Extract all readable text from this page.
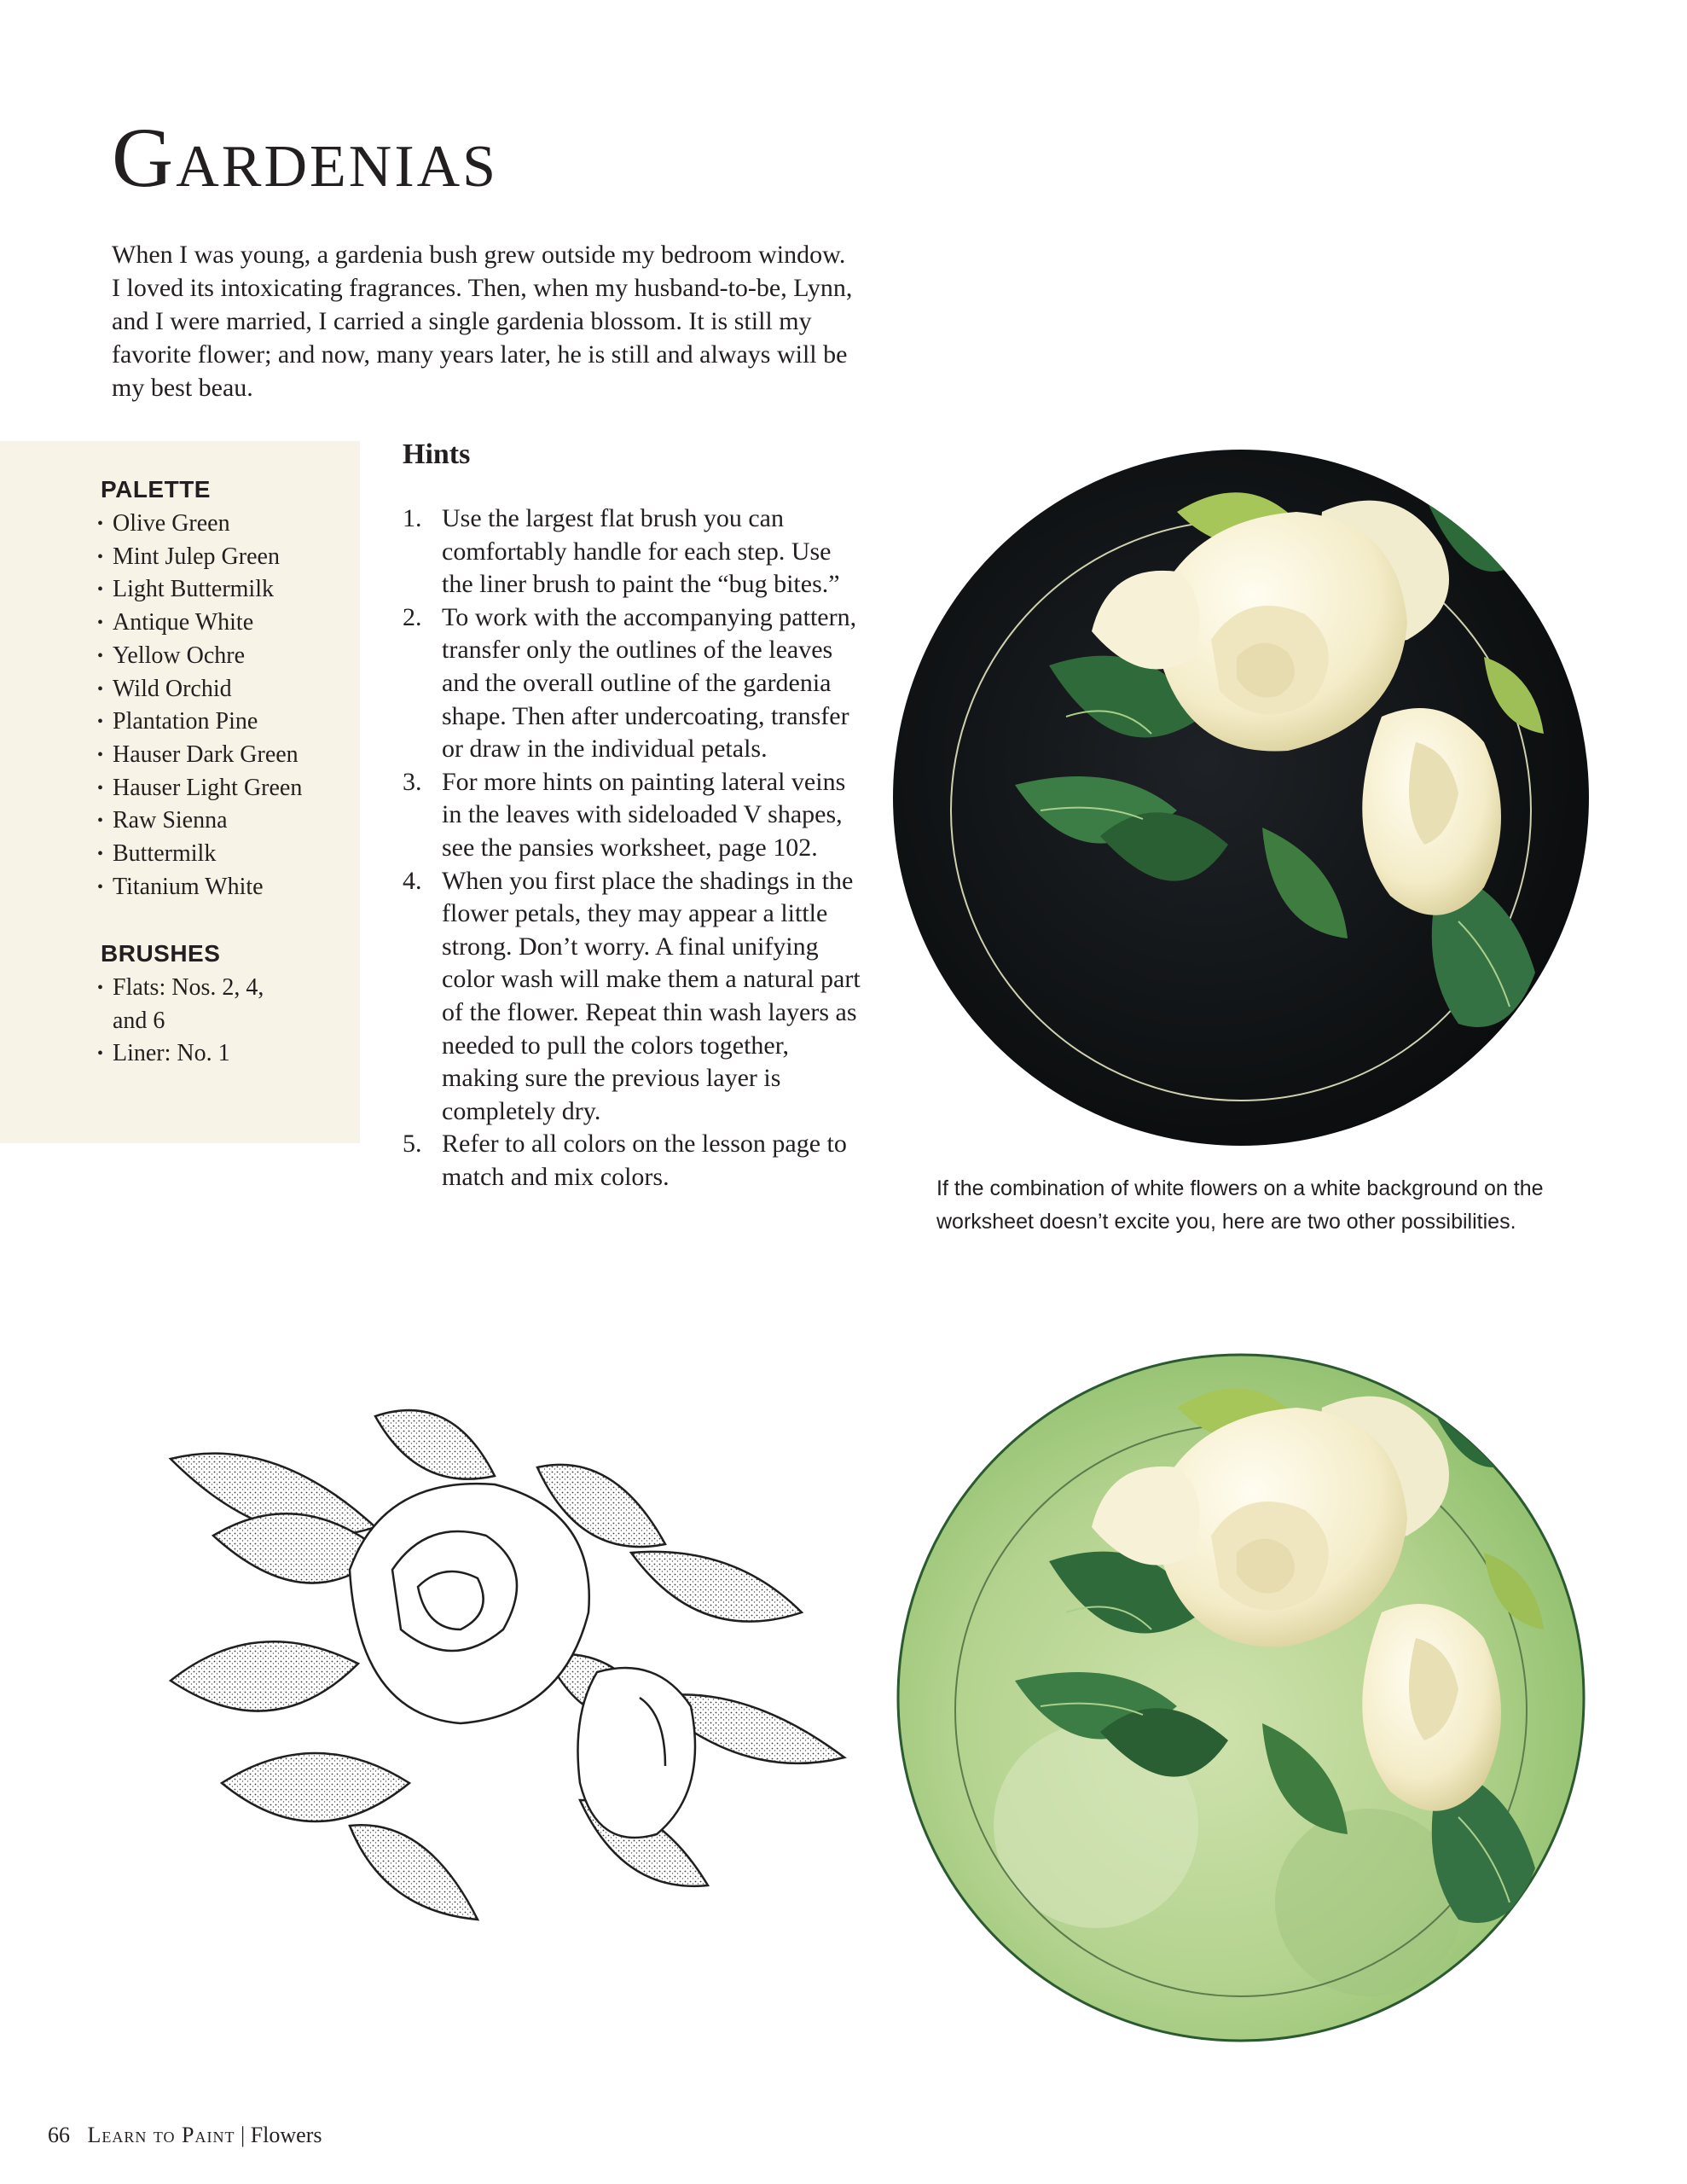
Gardenias
When I was young, a gardenia bush grew outside my bedroom window. I loved its intoxicating fragrances. Then, when my husband-to-be, Lynn, and I were married, I carried a single gardenia blossom. It is still my favorite flower; and now, many years later, he is still and always will be my best beau.
PALETTE
• Olive Green
• Mint Julep Green
• Light Buttermilk
• Antique White
• Yellow Ochre
• Wild Orchid
• Plantation Pine
• Hauser Dark Green
• Hauser Light Green
• Raw Sienna
• Buttermilk
• Titanium White
BRUSHES
• Flats: Nos. 2, 4, and 6
• Liner: No. 1
Hints
1. Use the largest flat brush you can comfortably handle for each step. Use the liner brush to paint the “bug bites.”
2. To work with the accompanying pattern, transfer only the outlines of the leaves and the overall outline of the gardenia shape. Then after undercoating, transfer or draw in the individual petals.
3. For more hints on painting lateral veins in the leaves with sideloaded V shapes, see the pansies worksheet, page 102.
4. When you first place the shadings in the flower petals, they may appear a little strong. Don’t worry. A final unifying color wash will make them a natural part of the flower. Repeat thin wash layers as needed to pull the colors together, making sure the previous layer is completely dry.
5. Refer to all colors on the lesson page to match and mix colors.	If the combination of white flowers on a white background on the worksheet doesn’t excite you, here are two other possibilities.
66 Learn to Paint | Flowers
